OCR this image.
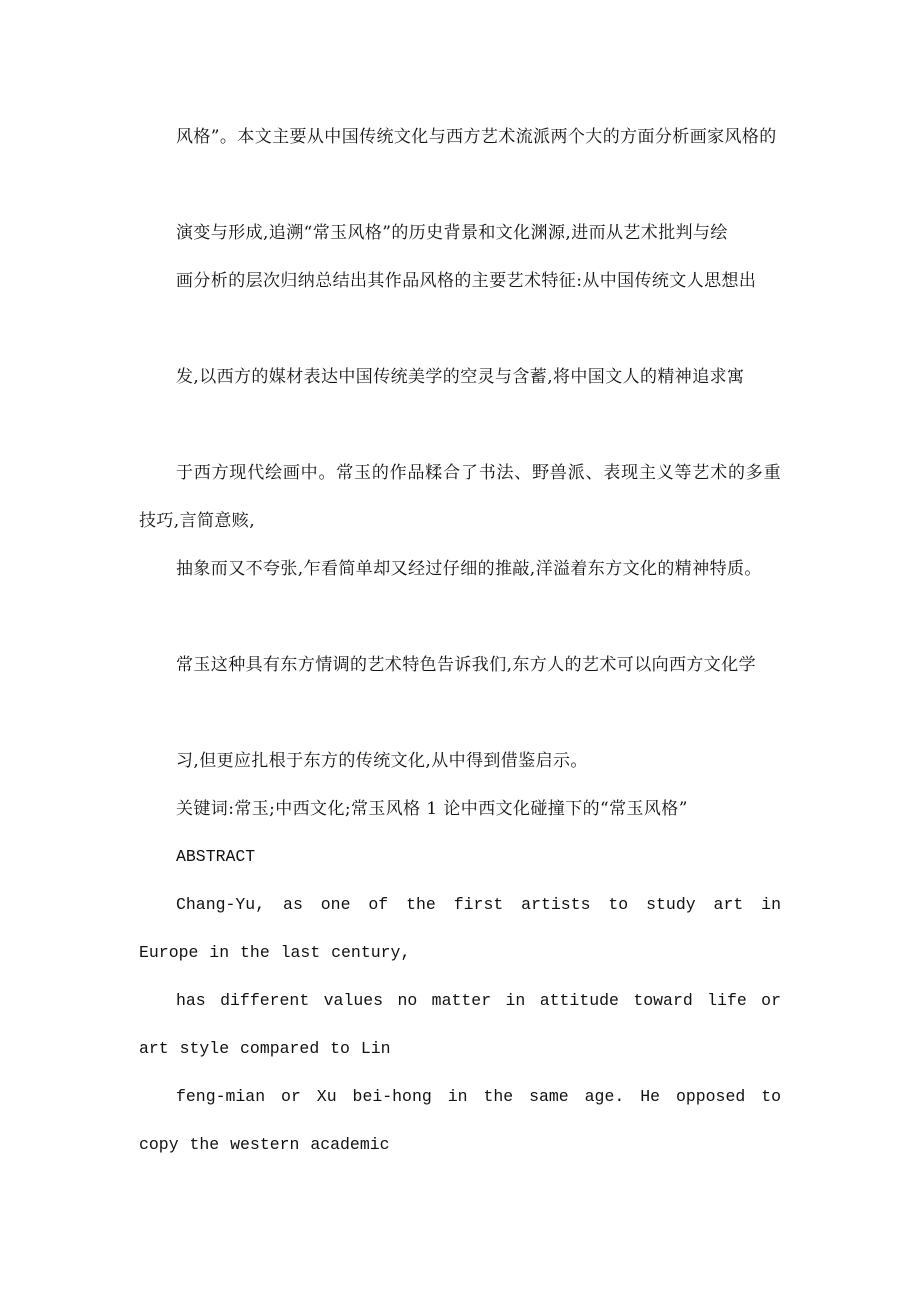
风格”。本文主要从中国传统文化与西方艺术流派两个大的方面分析画家风格的

演变与形成,追溯“常玉风格”的历史背景和文化渊源,进而从艺术批判与绘

画分析的层次归纳总结出其作品风格的主要艺术特征:从中国传统文人思想出

发,以西方的媒材表达中国传统美学的空灵与含蓄,将中国文人的精神追求寓

于西方现代绘画中。常玉的作品糅合了书法、野兽派、表现主义等艺术的多重技巧,言简意赅,

抽象而又不夸张,乍看简单却又经过仔细的推敲,洋溢着东方文化的精神特质。

常玉这种具有东方情调的艺术特色告诉我们,东方人的艺术可以向西方文化学

习,但更应扎根于东方的传统文化,从中得到借鉴启示。

关键词:常玉;中西文化;常玉风格 1 论中西文化碰撞下的“常玉风格”

ABSTRACT

Chang-Yu, as one of the first artists to study art in Europe in the last century,

has different values no matter in attitude toward life or art style compared to Lin

feng-mian or Xu bei-hong in the same age. He opposed to copy the western academic
